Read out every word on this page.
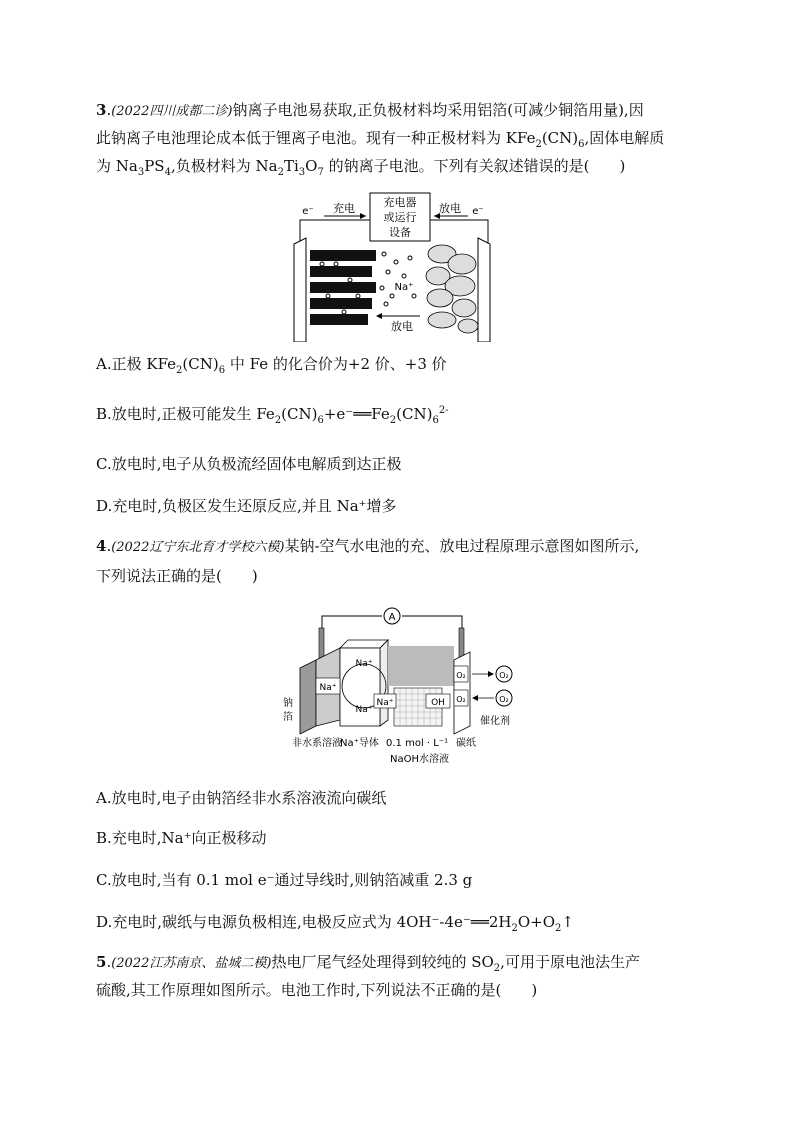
3.(2022四川成都二诊)钠离子电池易获取,正负极材料均采用铝箔(可减少铜箔用量),因
此钠离子电池理论成本低于锂离子电池。现有一种正极材料为 $KFe_2(CN)_6$,固体电解质
为 $Na_3PS_4$,负极材料为 $Na_2Ti_3O_7$ 的钠离子电池。下列有关叙述错误的是(　　)
充电器
或运行
设备
充电
e⁻	放电 e⁻
Na⁺
放电
A.正极 $KFe_2(CN)_6$ 中 Fe 的化合价为+2 价、+3 价
B.放电时,正极可能发生 $Fe_2(CN)_6+e^-══Fe_2(CN)_6^{2-}$
C.放电时,电子从负极流经固体电解质到达正极
D.充电时,负极区发生还原反应,并且 Na⁺增多
4.(2022辽宁东北育才学校六模)某钠-空气水电池的充、放电过程原理示意图如图所示,
下列说法正确的是(　　)
A
O₂
O₂
Na⁺
Na⁺
Na⁺
Na⁺	OH
O₂
O₂
钠
箔
非水系溶液
Na⁺导体 0.1 mol · L⁻¹
NaOH水溶液
碳纸
催化剂
A.放电时,电子由钠箔经非水系溶液流向碳纸
B.充电时,Na⁺向正极移动
C.放电时,当有 0.1 mol e⁻通过导线时,则钠箔减重 2.3 g
D.充电时,碳纸与电源负极相连,电极反应式为 $4OH^--4e^-══2H_2O+O_2↑$
5.(2022江苏南京、盐城二模)热电厂尾气经处理得到较纯的 $SO_2$,可用于原电池法生产
硫酸,其工作原理如图所示。电池工作时,下列说法不正确的是(　　)
